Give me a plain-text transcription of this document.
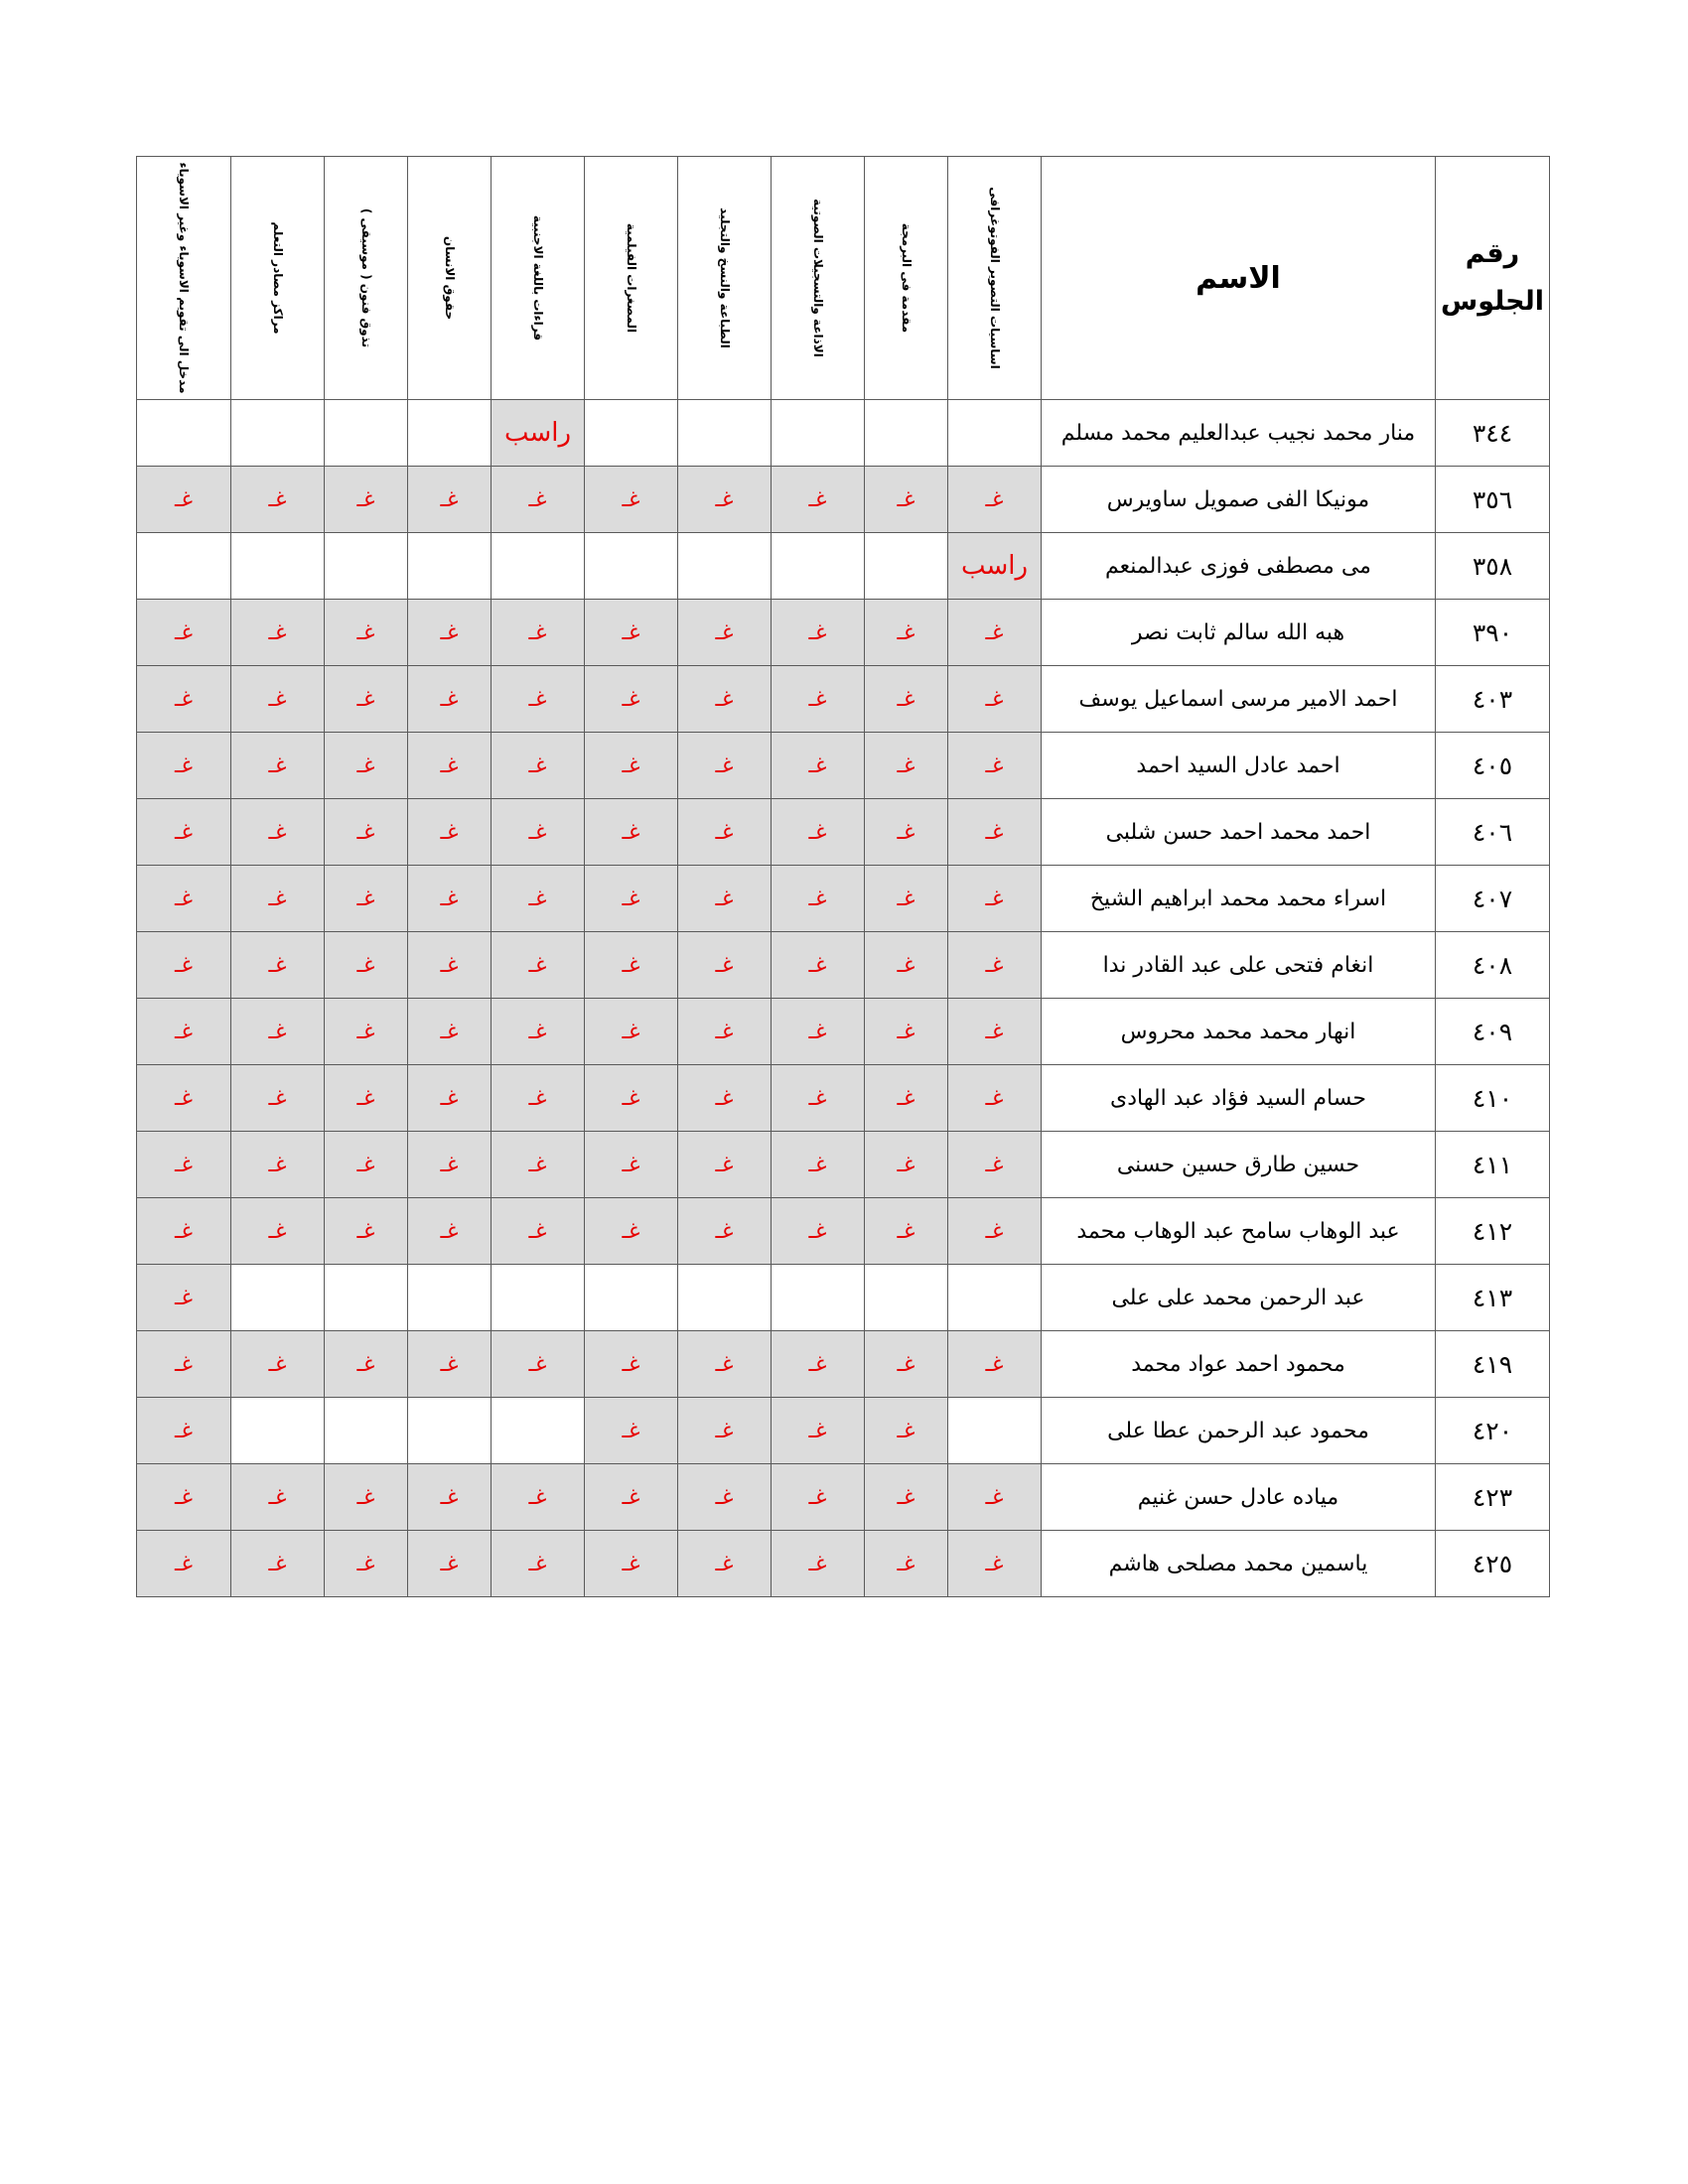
رقم الجلوس	الاسم	اساسيات التصوير الفوتوغرافى	مقدمة فى البرمجة	الاذاعة والتسجيلات الصوتية	الطباعة والنسخ والتجليد	المصغرات الفيلمية	قراءات باللغة الاجنبية	حقوق الانسان	تذوق فنون ( موسيقى )	مراكز مصادر التعلم	مدخل الى تقويم الاسوياء وغير الاسوياء

٣٤٤	منار محمد نجيب عبدالعليم محمد مسلم						راسب				
٣٥٦	مونيكا الفى صمويل ساويرس	غـ	غـ	غـ	غـ	غـ	غـ	غـ	غـ	غـ	غـ
٣٥٨	مى مصطفى فوزى عبدالمنعم	راسب									
٣٩٠	هبه الله سالم ثابت نصر	غـ	غـ	غـ	غـ	غـ	غـ	غـ	غـ	غـ	غـ
٤٠٣	احمد الامير مرسى اسماعيل يوسف	غـ	غـ	غـ	غـ	غـ	غـ	غـ	غـ	غـ	غـ
٤٠٥	احمد عادل السيد احمد	غـ	غـ	غـ	غـ	غـ	غـ	غـ	غـ	غـ	غـ
٤٠٦	احمد محمد احمد حسن شلبى	غـ	غـ	غـ	غـ	غـ	غـ	غـ	غـ	غـ	غـ
٤٠٧	اسراء محمد محمد ابراهيم الشيخ	غـ	غـ	غـ	غـ	غـ	غـ	غـ	غـ	غـ	غـ
٤٠٨	انغام فتحى على عبد القادر ندا	غـ	غـ	غـ	غـ	غـ	غـ	غـ	غـ	غـ	غـ
٤٠٩	انهار محمد محمد محروس	غـ	غـ	غـ	غـ	غـ	غـ	غـ	غـ	غـ	غـ
٤١٠	حسام السيد فؤاد عبد الهادى	غـ	غـ	غـ	غـ	غـ	غـ	غـ	غـ	غـ	غـ
٤١١	حسين طارق حسين حسنى	غـ	غـ	غـ	غـ	غـ	غـ	غـ	غـ	غـ	غـ
٤١٢	عبد الوهاب سامح عبد الوهاب محمد	غـ	غـ	غـ	غـ	غـ	غـ	غـ	غـ	غـ	غـ
٤١٣	عبد الرحمن محمد على على										غـ
٤١٩	محمود احمد عواد محمد	غـ	غـ	غـ	غـ	غـ	غـ	غـ	غـ	غـ	غـ
٤٢٠	محمود عبد الرحمن عطا على		غـ	غـ	غـ	غـ					غـ
٤٢٣	مياده عادل حسن غنيم	غـ	غـ	غـ	غـ	غـ	غـ	غـ	غـ	غـ	غـ
٤٢٥	ياسمين محمد مصلحى هاشم	غـ	غـ	غـ	غـ	غـ	غـ	غـ	غـ	غـ	غـ
